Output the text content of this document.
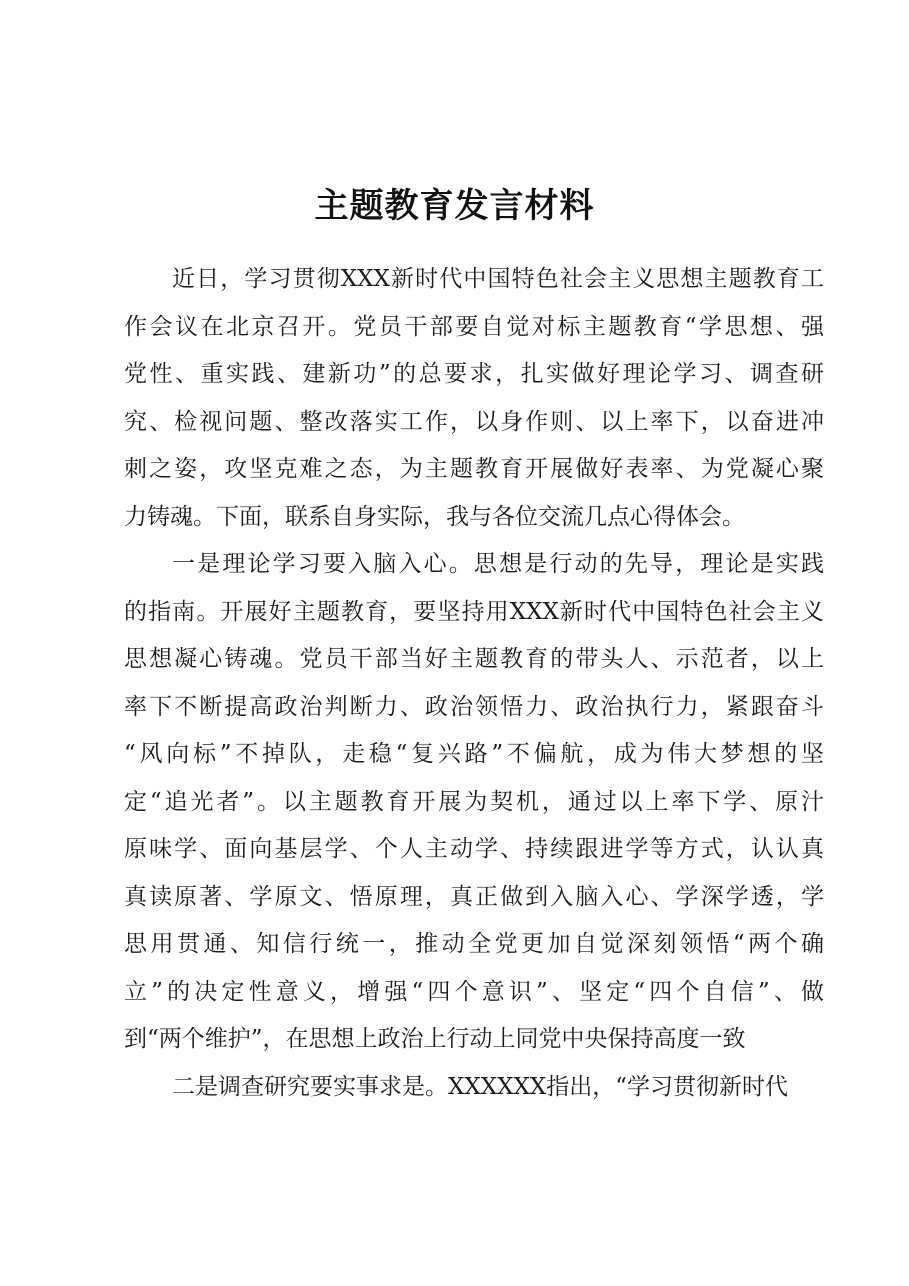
主题教育发言材料
近日，学习贯彻XXX新时代中国特色社会主义思想主题教育工
作会议在北京召开。党员干部要自觉对标主题教育“学思想、强
党性、重实践、建新功”的总要求，扎实做好理论学习、调查研
究、检视问题、整改落实工作，以身作则、以上率下，以奋进冲
刺之姿，攻坚克难之态，为主题教育开展做好表率、为党凝心聚
力铸魂。下面，联系自身实际，我与各位交流几点心得体会。
一是理论学习要入脑入心。思想是行动的先导，理论是实践
的指南。开展好主题教育，要坚持用XXX新时代中国特色社会主义
思想凝心铸魂。党员干部当好主题教育的带头人、示范者，以上
率下不断提高政治判断力、政治领悟力、政治执行力，紧跟奋斗
“风向标”不掉队，走稳“复兴路”不偏航，成为伟大梦想的坚
定“追光者”。以主题教育开展为契机，通过以上率下学、原汁
原味学、面向基层学、个人主动学、持续跟进学等方式，认认真
真读原著、学原文、悟原理，真正做到入脑入心、学深学透，学
思用贯通、知信行统一，推动全党更加自觉深刻领悟“两个确
立”的决定性意义，增强“四个意识”、坚定“四个自信”、做
到“两个维护”，在思想上政治上行动上同党中央保持高度一致
二是调查研究要实事求是。XXXXXX指出，“学习贯彻新时代
